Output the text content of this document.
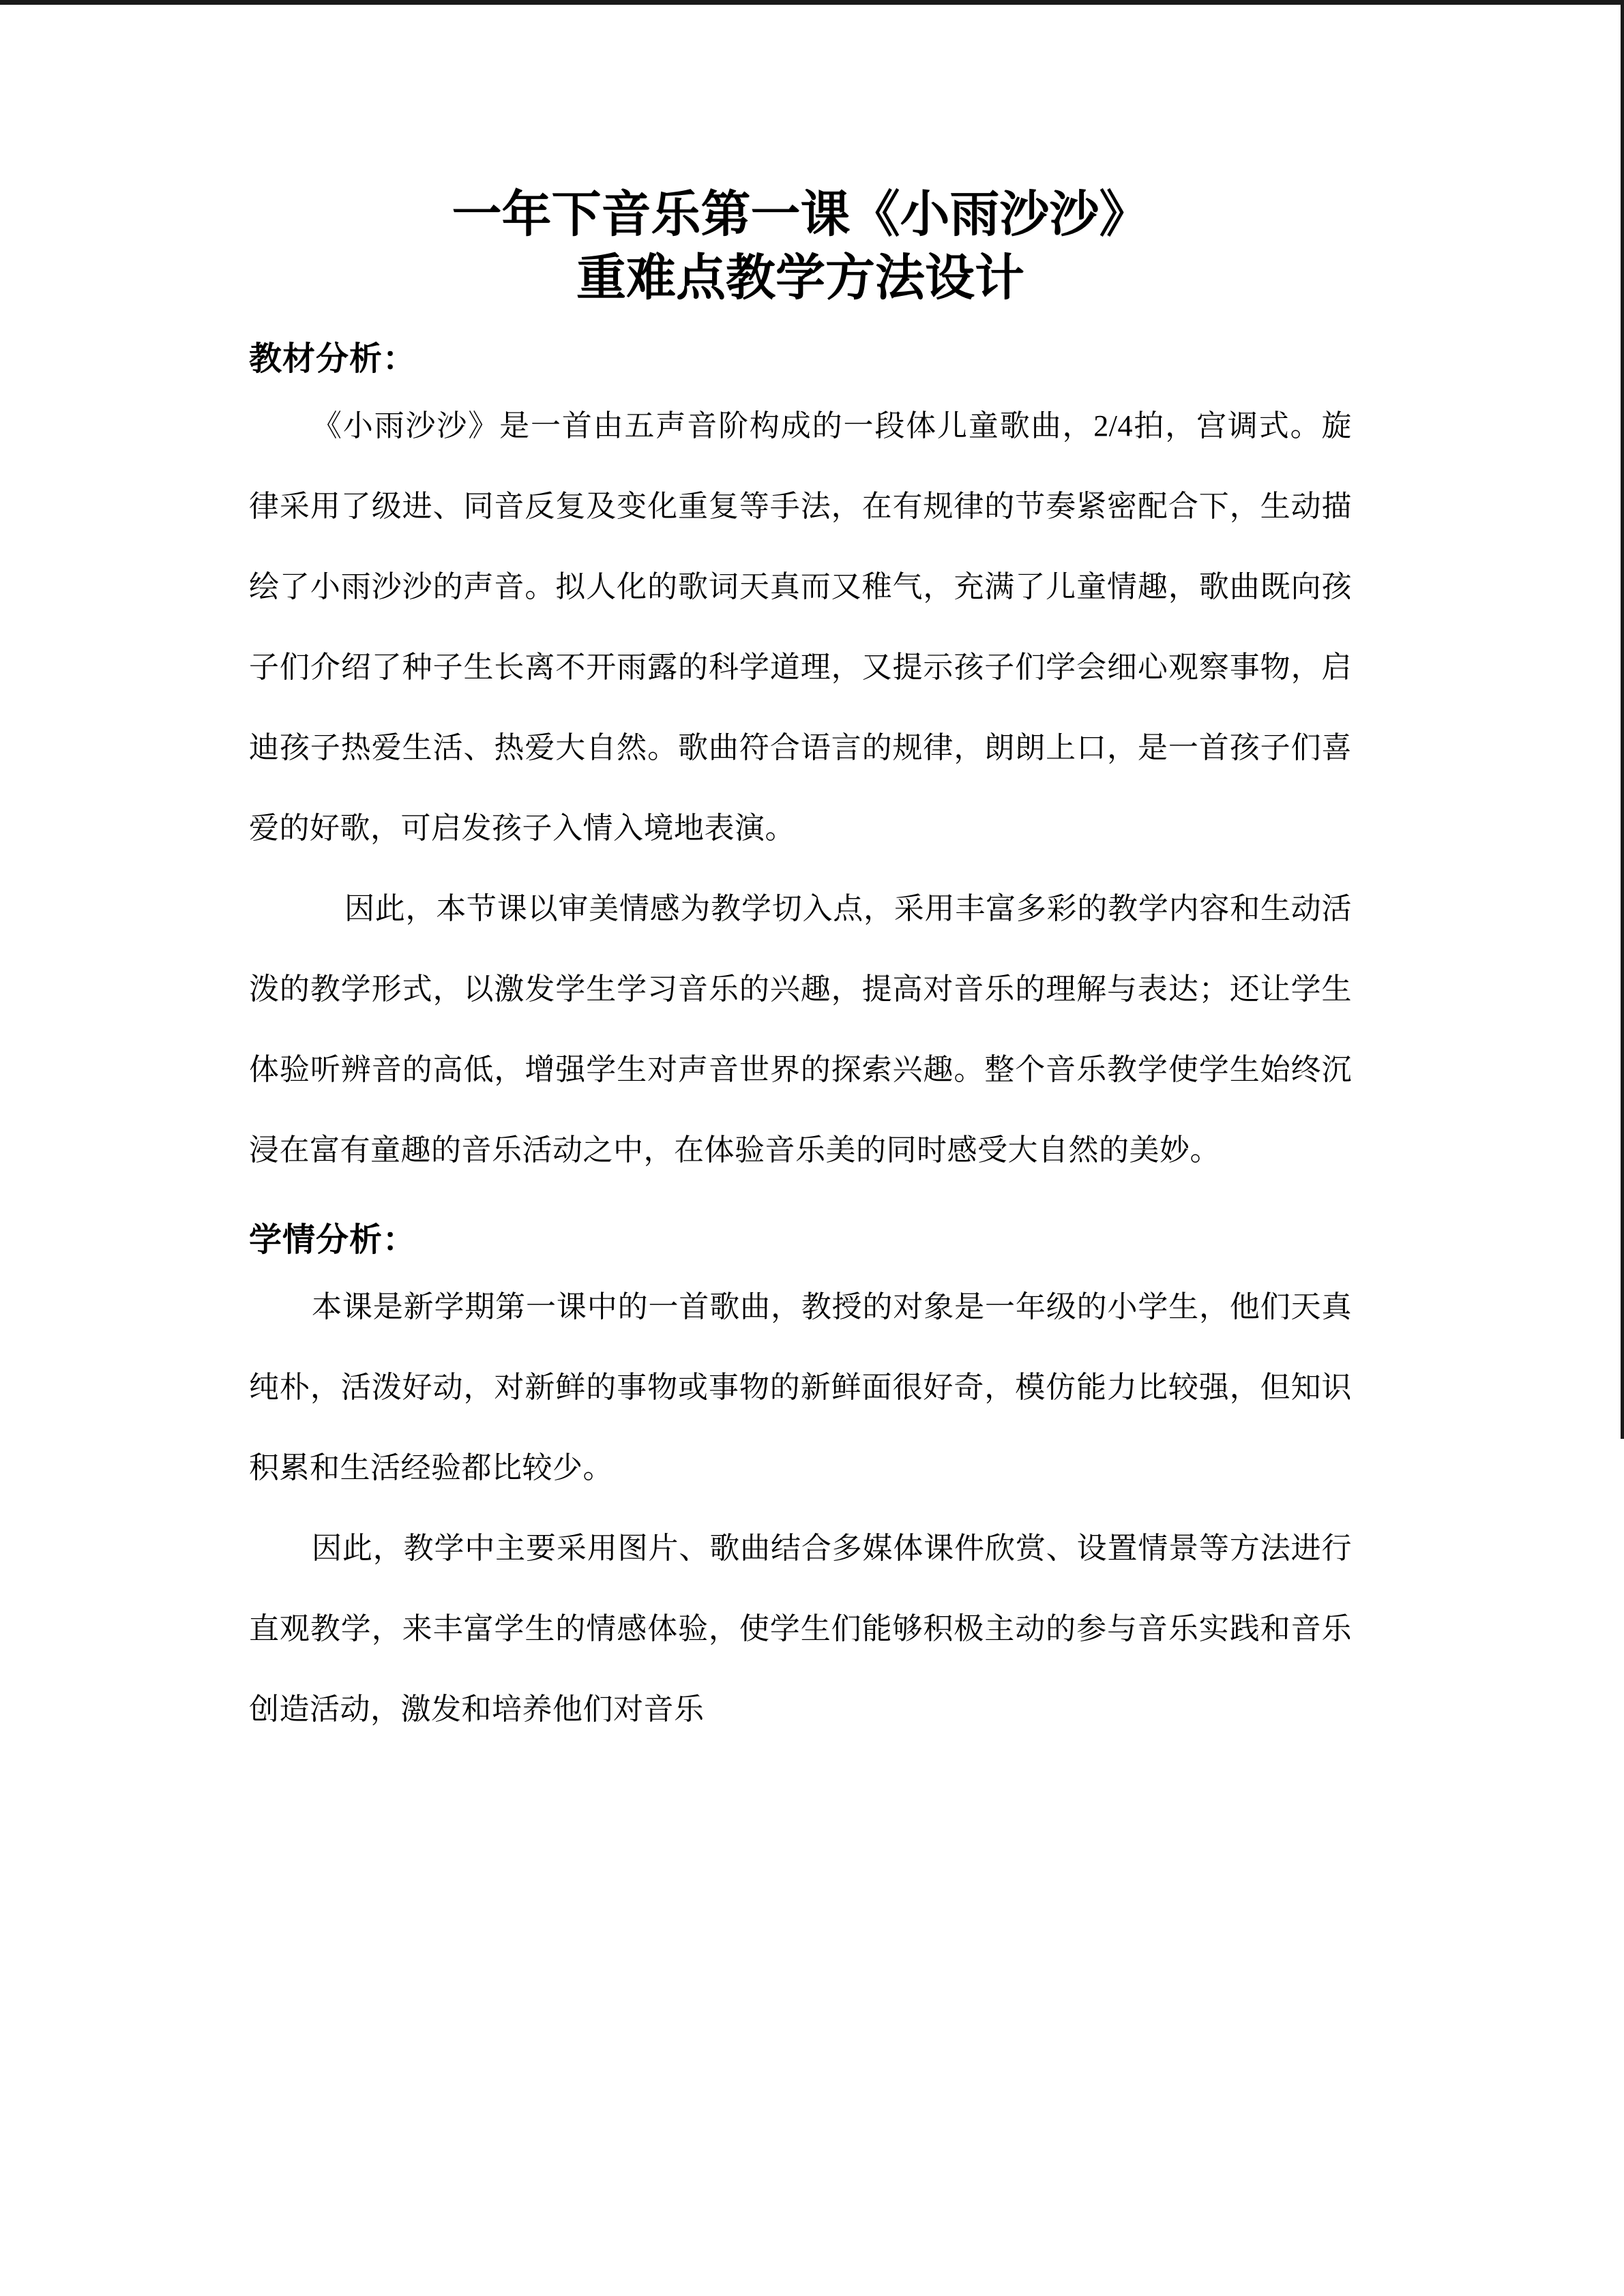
一年下音乐第一课《小雨沙沙》
重难点教学方法设计
教材分析：

《小雨沙沙》是一首由五声音阶构成的一段体儿童歌曲，2/4拍，宫调式。旋律采用了级进、同音反复及变化重复等手法，在有规律的节奏紧密配合下，生动描绘了小雨沙沙的声音。拟人化的歌词天真而又稚气，充满了儿童情趣，歌曲既向孩子们介绍了种子生长离不开雨露的科学道理，又提示孩子们学会细心观察事物，启迪孩子热爱生活、热爱大自然。歌曲符合语言的规律，朗朗上口，是一首孩子们喜爱的好歌，可启发孩子入情入境地表演。

因此，本节课以审美情感为教学切入点，采用丰富多彩的教学内容和生动活泼的教学形式，以激发学生学习音乐的兴趣，提高对音乐的理解与表达；还让学生体验听辨音的高低，增强学生对声音世界的探索兴趣。整个音乐教学使学生始终沉浸在富有童趣的音乐活动之中，在体验音乐美的同时感受大自然的美妙。

学情分析：

本课是新学期第一课中的一首歌曲，教授的对象是一年级的小学生，他们天真纯朴，活泼好动，对新鲜的事物或事物的新鲜面很好奇，模仿能力比较强，但知识积累和生活经验都比较少。

因此，教学中主要采用图片、歌曲结合多媒体课件欣赏、设置情景等方法进行直观教学，来丰富学生的情感体验，使学生们能够积极主动的参与音乐实践和音乐创造活动，激发和培养他们对音乐
